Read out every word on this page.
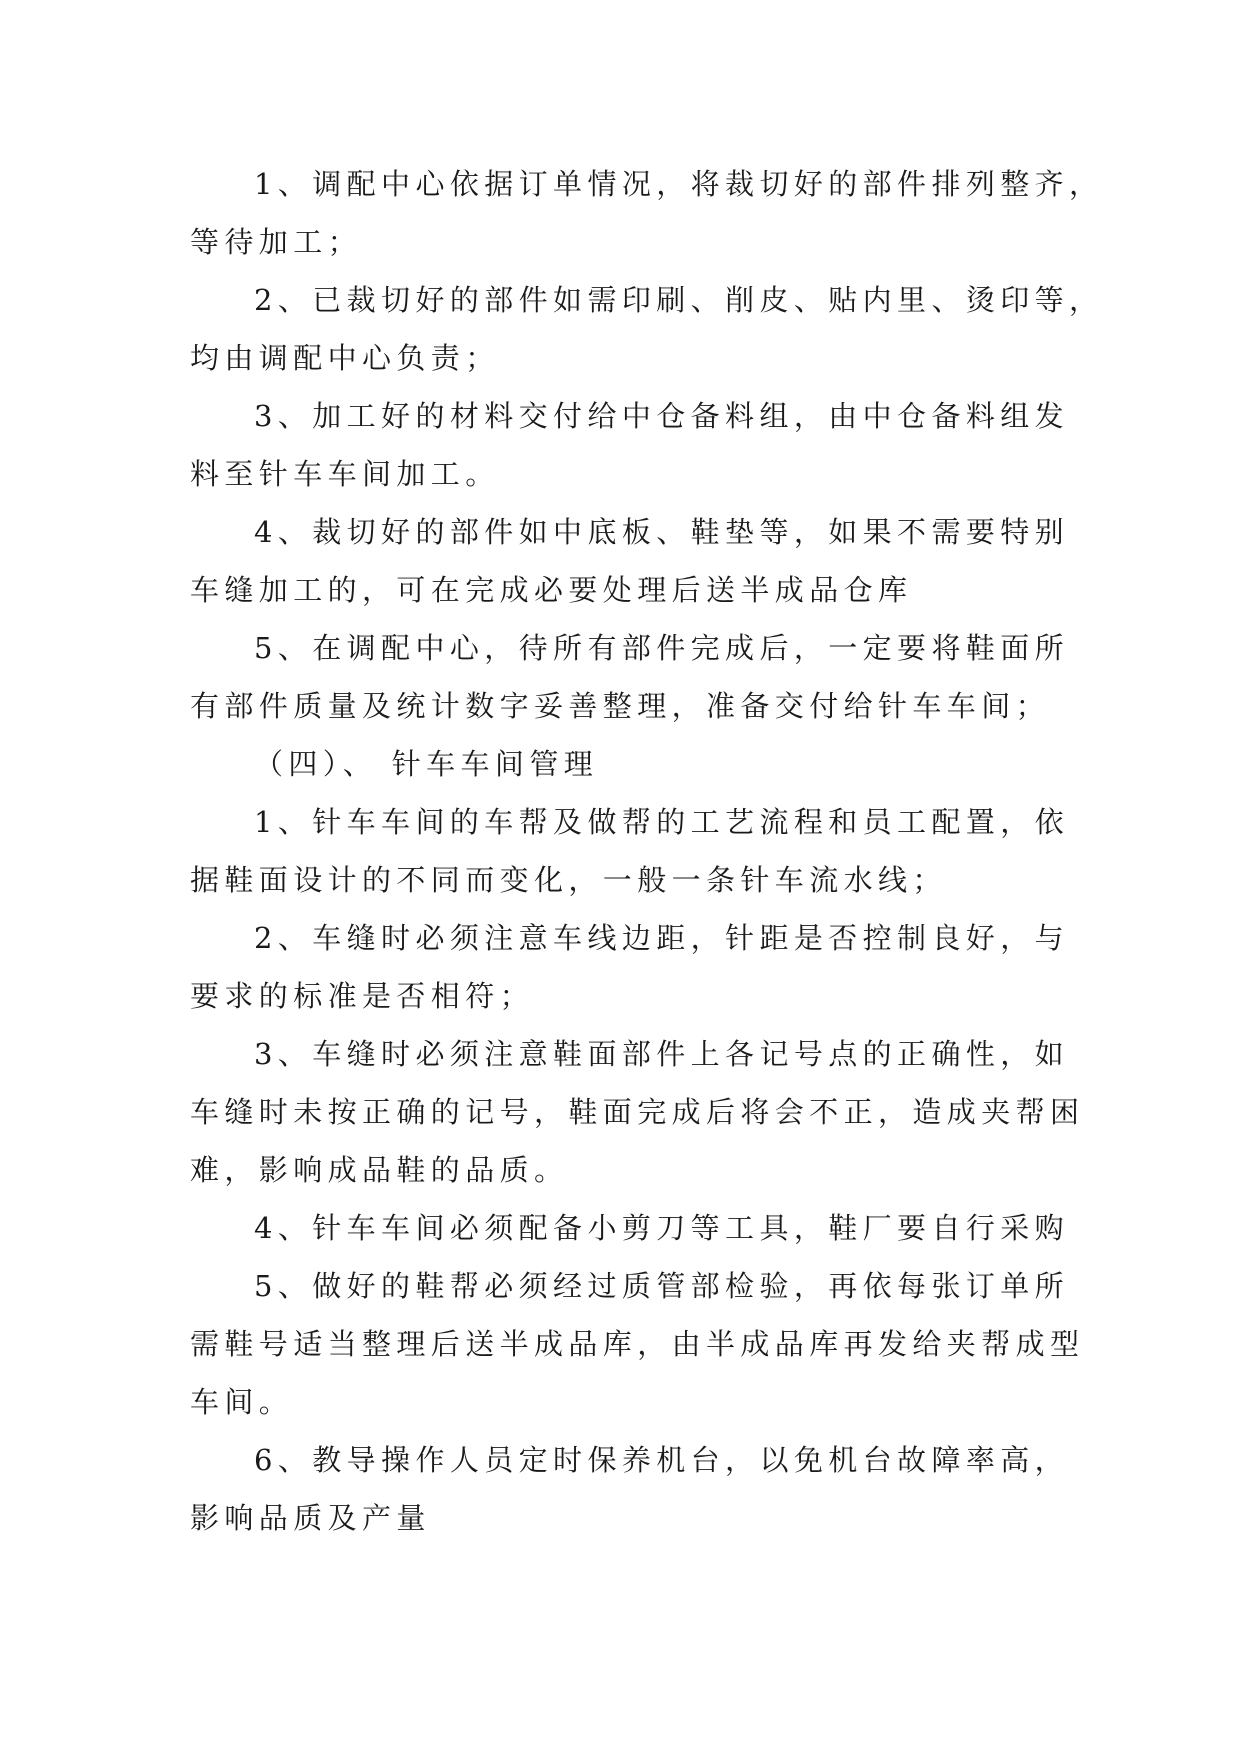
1、调配中心依据订单情况，将裁切好的部件排列整齐，
等待加工；

2、已裁切好的部件如需印刷、削皮、贴内里、烫印等，
均由调配中心负责；

3、加工好的材料交付给中仓备料组，由中仓备料组发
料至针车车间加工。

4、裁切好的部件如中底板、鞋垫等，如果不需要特别
车缝加工的，可在完成必要处理后送半成品仓库

5、在调配中心，待所有部件完成后，一定要将鞋面所
有部件质量及统计数字妥善整理，准备交付给针车车间；

（四）、 针车车间管理

1、针车车间的车帮及做帮的工艺流程和员工配置，依
据鞋面设计的不同而变化，一般一条针车流水线；

2、车缝时必须注意车线边距，针距是否控制良好，与
要求的标准是否相符；

3、车缝时必须注意鞋面部件上各记号点的正确性，如
车缝时未按正确的记号，鞋面完成后将会不正，造成夹帮困
难，影响成品鞋的品质。

4、针车车间必须配备小剪刀等工具，鞋厂要自行采购

5、做好的鞋帮必须经过质管部检验，再依每张订单所
需鞋号适当整理后送半成品库，由半成品库再发给夹帮成型
车间。

6、教导操作人员定时保养机台，以免机台故障率高，
影响品质及产量
